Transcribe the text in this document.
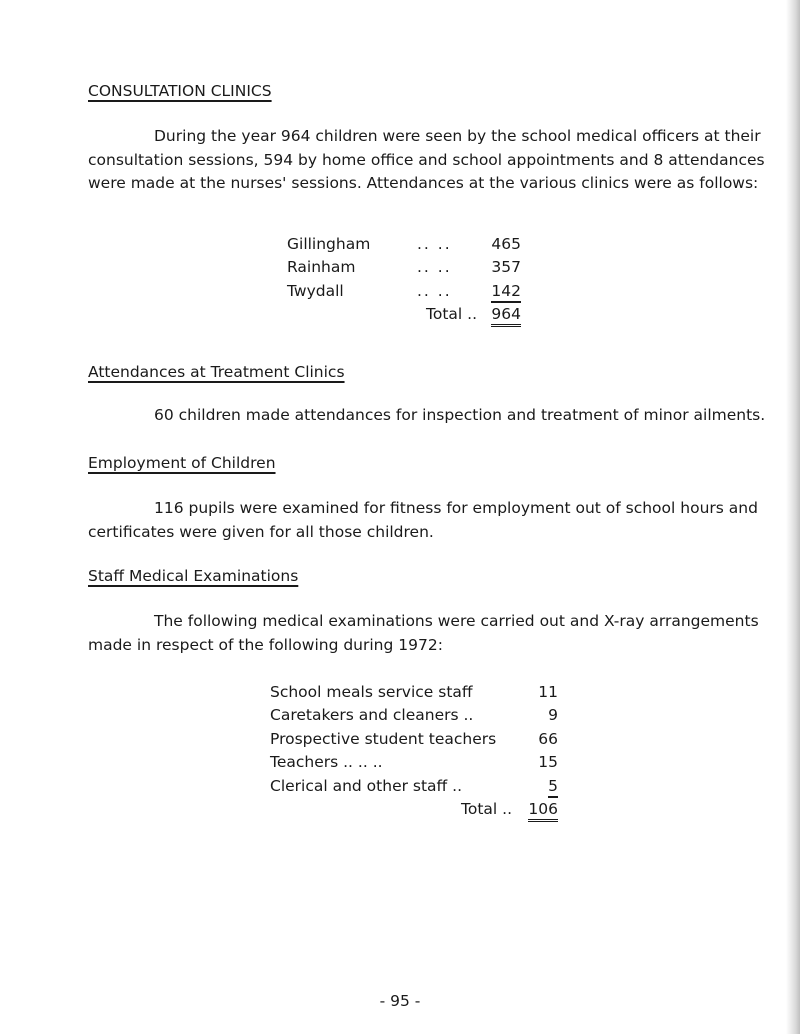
CONSULTATION CLINICS

During the year 964 children were seen by the school medical officers at their consultation sessions, 594 by home office and school appointments and 8 attendances were made at the nurses' sessions. Attendances at the various clinics were as follows:

Gillingham	.. ..	465
Rainham	.. ..	357
Twydall	.. ..	142
Total ..		964
Attendances at Treatment Clinics

60 children made attendances for inspection and treatment of minor ailments.

Employment of Children

116 pupils were examined for fitness for employment out of school hours and certificates were given for all those children.

Staff Medical Examinations

The following medical examinations were carried out and X-ray arrangements made in respect of the following during 1972:

School meals service staff	11
Caretakers and cleaners ..	9
Prospective student teachers	66
Teachers .. .. ..	15
Clerical and other staff ..	5
Total ..	106

- 95 -
